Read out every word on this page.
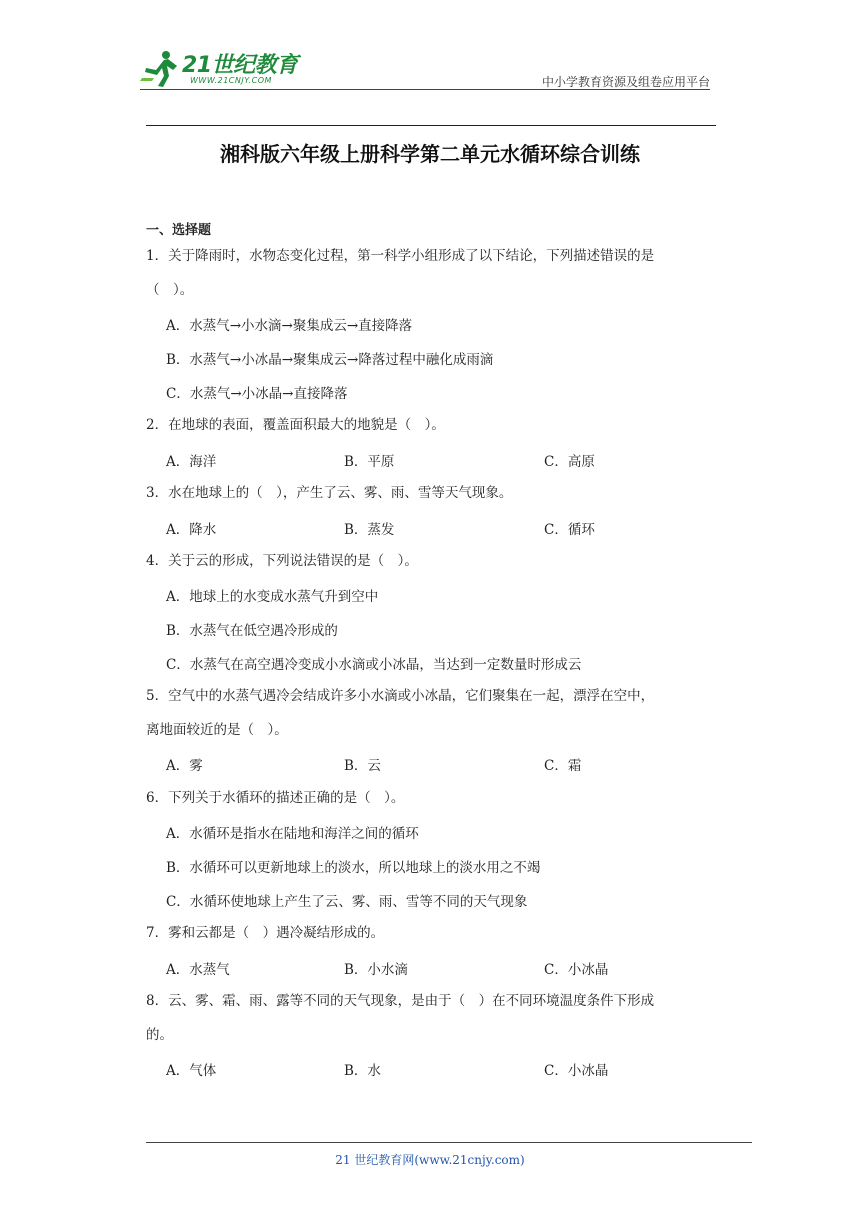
21世纪教育
WWW.21CNJY.COM	中小学教育资源及组卷应用平台
湘科版六年级上册科学第二单元水循环综合训练
一、选择题
1．关于降雨时，水物态变化过程，第一科学小组形成了以下结论，下列描述错误的是
（　）。
A．水蒸气→小水滴→聚集成云→直接降落
B．水蒸气→小冰晶→聚集成云→降落过程中融化成雨滴
C．水蒸气→小冰晶→直接降落
2．在地球的表面，覆盖面积最大的地貌是（　）。
A．海洋	B．平原	C．高原
3．水在地球上的（　），产生了云、雾、雨、雪等天气现象。
A．降水	B．蒸发	C．循环
4．关于云的形成，下列说法错误的是（　）。
A．地球上的水变成水蒸气升到空中
B．水蒸气在低空遇冷形成的
C．水蒸气在高空遇冷变成小水滴或小冰晶，当达到一定数量时形成云
5．空气中的水蒸气遇冷会结成许多小水滴或小冰晶，它们聚集在一起，漂浮在空中，
离地面较近的是（　）。
A．雾	B．云	C．霜
6．下列关于水循环的描述正确的是（　）。
A．水循环是指水在陆地和海洋之间的循环
B．水循环可以更新地球上的淡水，所以地球上的淡水用之不竭
C．水循环使地球上产生了云、雾、雨、雪等不同的天气现象
7．雾和云都是（　）遇冷凝结形成的。
A．水蒸气	B．小水滴	C．小冰晶
8．云、雾、霜、雨、露等不同的天气现象，是由于（　）在不同环境温度条件下形成
的。
A．气体	B．水	C．小冰晶
21 世纪教育网(www.21cnjy.com)
